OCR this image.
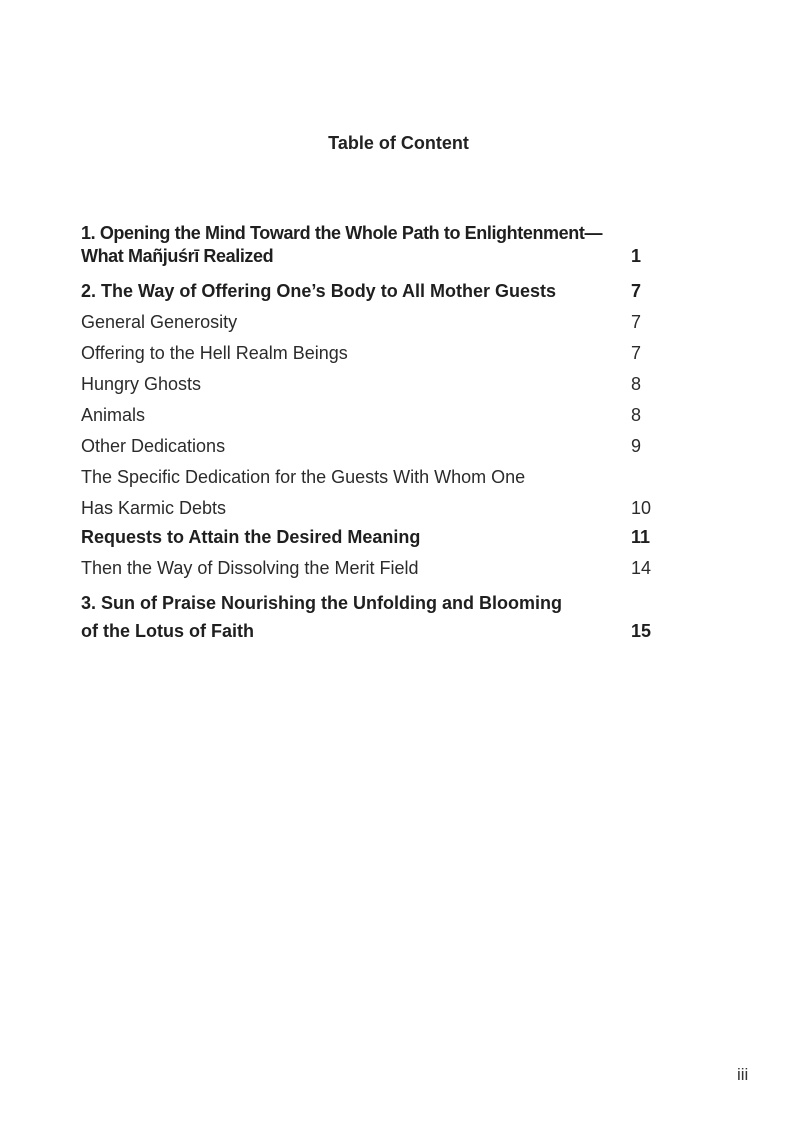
Table of Content
1. Opening the Mind Toward the Whole Path to Enlightenment—
What Mañjuśrī Realized	1
2. The Way of Offering One’s Body to All Mother Guests	7
General Generosity	7
Offering to the Hell Realm Beings	7
Hungry Ghosts	8
Animals	8
Other Dedications	9
The Specific Dedication for the Guests With Whom One
Has Karmic Debts	10
Requests to Attain the Desired Meaning	11
Then the Way of Dissolving the Merit Field	14
3. Sun of Praise Nourishing the Unfolding and Blooming
of the Lotus of Faith	15
iii
